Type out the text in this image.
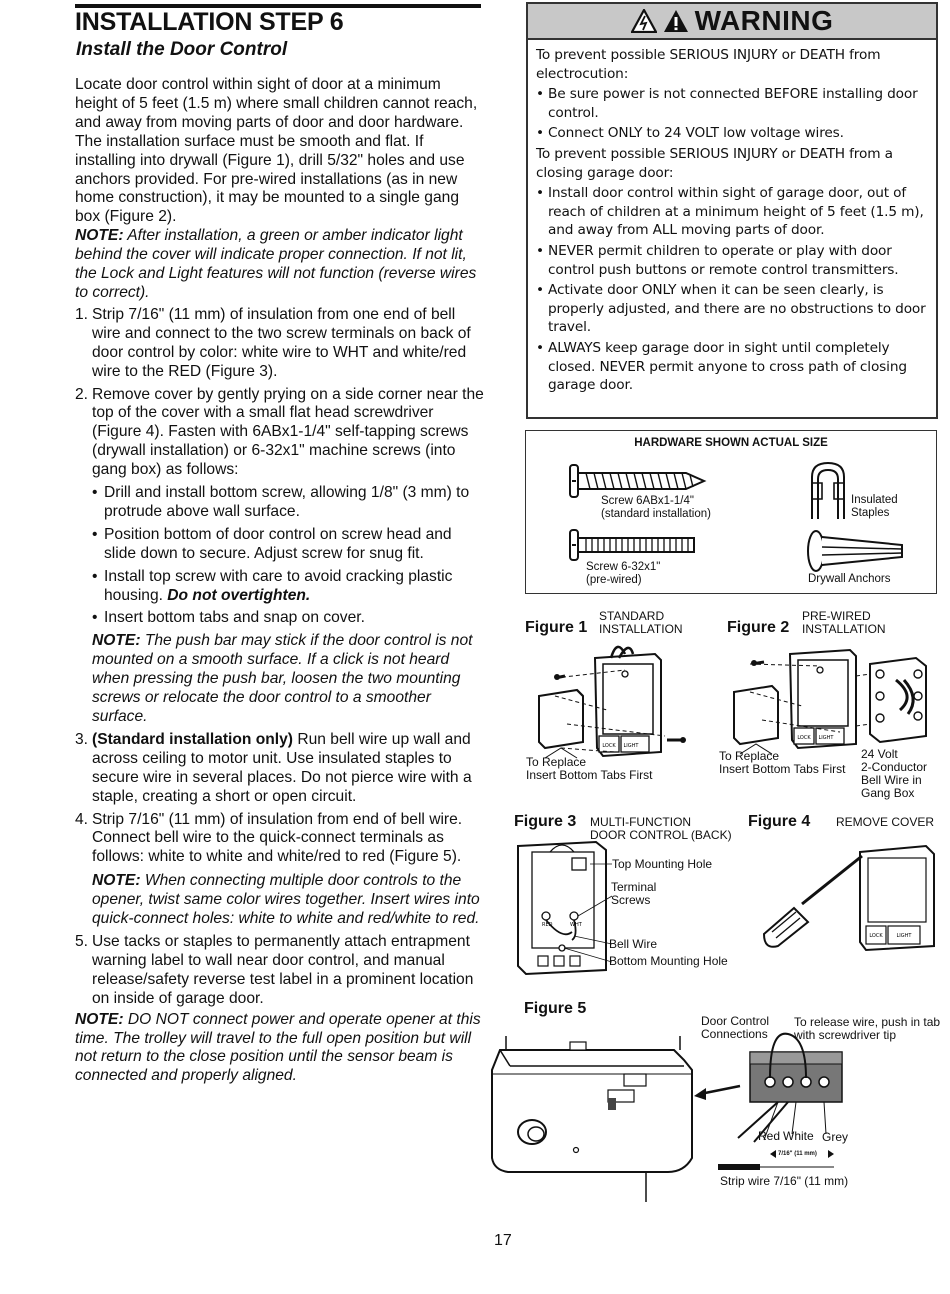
INSTALLATION STEP 6
Install the Door Control

Locate door control within sight of door at a minimum height of 5 feet (1.5 m) where small children cannot reach, and away from moving parts of door and door hardware. The installation surface must be smooth and flat. If installing into drywall (Figure 1), drill 5/32" holes and use anchors provided. For pre-wired installations (as in new home construction), it may be mounted to a single gang box (Figure 2).

NOTE: After installation, a green or amber indicator light behind the cover will indicate proper connection. If not lit, the Lock and Light features will not function (reverse wires to correct).

1. Strip 7/16" (11 mm) of insulation from one end of bell wire and connect to the two screw terminals on back of door control by color: white wire to WHT and white/red wire to the RED (Figure 3).
2. Remove cover by gently prying on a side corner near the top of the cover with a small flat head screwdriver (Figure 4). Fasten with 6ABx1-1/4" self-tapping screws (drywall installation) or 6-32x1" machine screws (into gang box) as follows:
• Drill and install bottom screw, allowing 1/8" (3 mm) to protrude above wall surface.
• Position bottom of door control on screw head and slide down to secure. Adjust screw for snug fit.
• Install top screw with care to avoid cracking plastic housing. Do not overtighten.
• Insert bottom tabs and snap on cover.

NOTE: The push bar may stick if the door control is not mounted on a smooth surface. If a click is not heard when pressing the push bar, loosen the two mounting screws or relocate the door control to a smoother surface.

3. (Standard installation only) Run bell wire up wall and across ceiling to motor unit. Use insulated staples to secure wire in several places. Do not pierce wire with a staple, creating a short or open circuit.
4. Strip 7/16" (11 mm) of insulation from end of bell wire. Connect bell wire to the quick-connect terminals as follows: white to white and white/red to red (Figure 5).

NOTE: When connecting multiple door controls to the opener, twist same color wires together. Insert wires into quick-connect holes: white to white and red/white to red.

5. Use tacks or staples to permanently attach entrapment warning label to wall near door control, and manual release/safety reverse test label in a prominent location on inside of garage door.

NOTE: DO NOT connect power and operate opener at this time. The trolley will travel to the full open position but will not return to the close position until the sensor beam is connected and properly aligned.

WARNING

To prevent possible SERIOUS INJURY or DEATH from electrocution:

• Be sure power is not connected BEFORE installing door control.
• Connect ONLY to 24 VOLT low voltage wires.

To prevent possible SERIOUS INJURY or DEATH from a closing garage door:

• Install door control within sight of garage door, out of reach of children at a minimum height of 5 feet (1.5 m), and away from ALL moving parts of door.
• NEVER permit children to operate or play with door control push buttons or remote control transmitters.
• Activate door ONLY when it can be seen clearly, is properly adjusted, and there are no obstructions to door travel.
• ALWAYS keep garage door in sight until completely closed. NEVER permit anyone to cross path of closing garage door.
HARDWARE SHOWN ACTUAL SIZE
Screw 6ABx1-1/4"
(standard installation)
Screw 6-32x1"
(pre-wired)
Insulated
Staples
Drywall Anchors
Figure 1
STANDARD
INSTALLATION
LOCK LIGHT
To Replace
Insert Bottom Tabs First
Figure 2
PRE-WIRED
INSTALLATION
LOCK LIGHT
To Replace
Insert Bottom Tabs First
24 Volt
2-Conductor
Bell Wire in
Gang Box
Figure 3 MULTI-FUNCTION
DOOR CONTROL (BACK)
RED	WHT
Top Mounting Hole
Terminal
Screws
Bell Wire
Bottom Mounting Hole
Figure 4 REMOVE COVER
LOCK	LIGHT
Figure 5
Door Control
Connections
To release wire, push in tab
with screwdriver tip
Red White Grey
7/16" (11 mm)
Strip wire 7/16" (11 mm)
17
